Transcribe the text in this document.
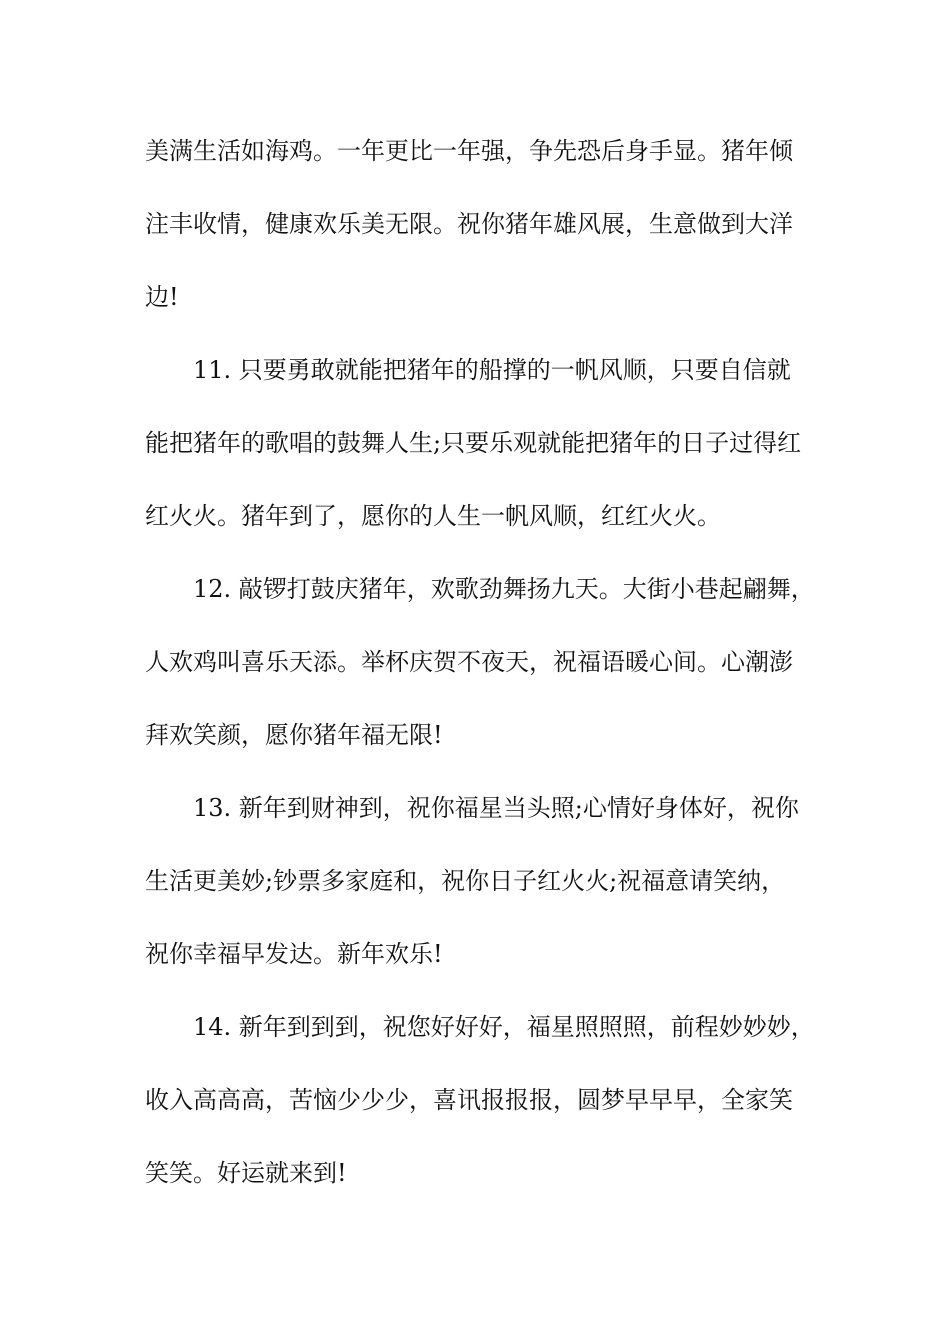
美满生活如海鸡。一年更比一年强，争先恐后身手显。猪年倾
注丰收情，健康欢乐美无限。祝你猪年雄风展，生意做到大洋
边!
11. 只要勇敢就能把猪年的船撑的一帆风顺，只要自信就
能把猪年的歌唱的鼓舞人生;只要乐观就能把猪年的日子过得红
红火火。猪年到了，愿你的人生一帆风顺，红红火火。
12. 敲锣打鼓庆猪年，欢歌劲舞扬九天。大街小巷起翩舞，
人欢鸡叫喜乐天添。举杯庆贺不夜天，祝福语暖心间。心潮澎
拜欢笑颜，愿你猪年福无限!
13. 新年到财神到，祝你福星当头照;心情好身体好，祝你
生活更美妙;钞票多家庭和，祝你日子红火火;祝福意请笑纳，
祝你幸福早发达。新年欢乐!
14. 新年到到到，祝您好好好，福星照照照，前程妙妙妙，
收入高高高，苦恼少少少，喜讯报报报，圆梦早早早，全家笑
笑笑。好运就来到!
